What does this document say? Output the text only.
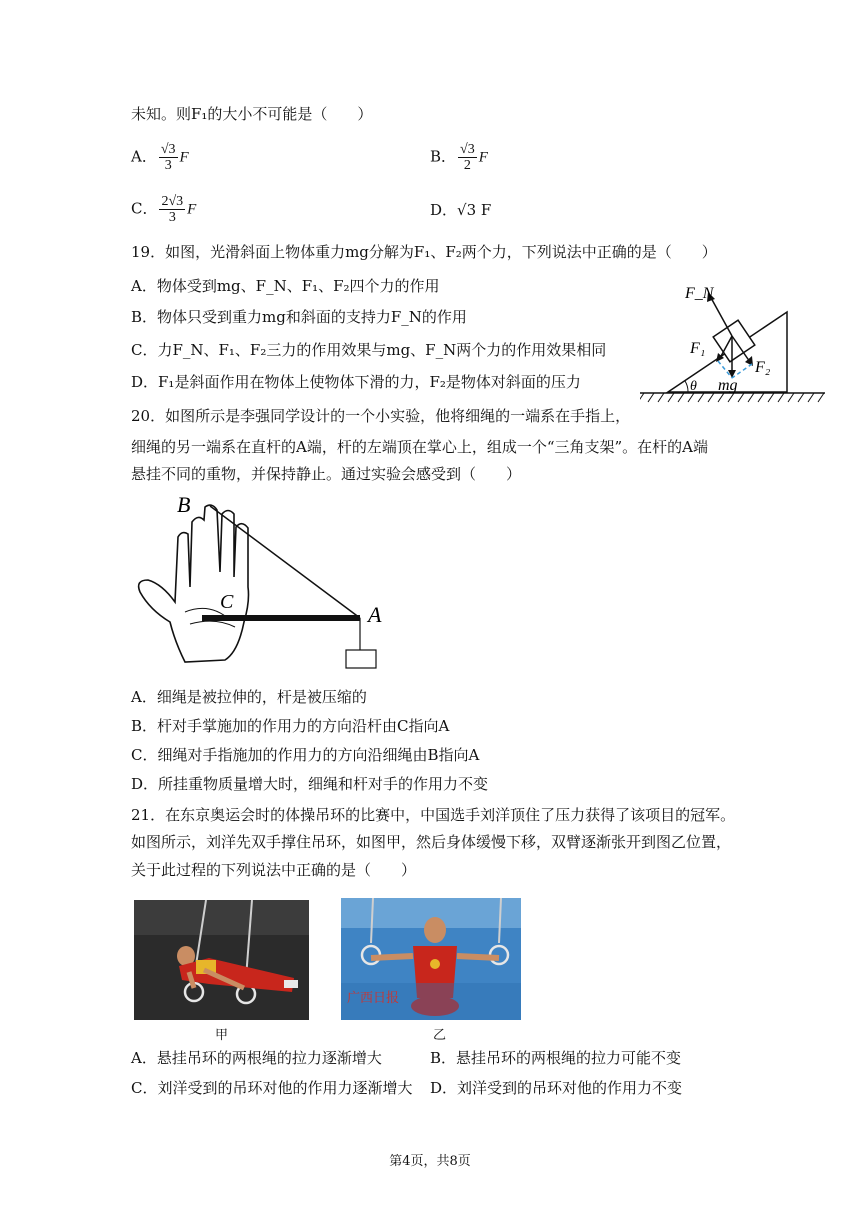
未知。则F₁的大小不可能是（　　）
A． $\frac{√3}{3}$ F	B． $\frac{√3}{2}$ F
C． $\frac{2√3}{3}$ F	D．√3 F
19．如图，光滑斜面上物体重力mg分解为F₁、F₂两个力，下列说法中正确的是（　　）
A．物体受到mg、F_N、F₁、F₂四个力的作用
B．物体只受到重力mg和斜面的支持力F_N的作用
C．力F_N、F₁、F₂三力的作用效果与mg、F_N两个力的作用效果相同
D．F₁是斜面作用在物体上使物体下滑的力，F₂是物体对斜面的压力
F_N
F₁
F₂
mg
θ
20．如图所示是李强同学设计的一个小实验，他将细绳的一端系在手指上，
细绳的另一端系在直杆的A端，杆的左端顶在掌心上，组成一个“三角支架”。在杆的A端
悬挂不同的重物，并保持静止。通过实验会感受到（　　）
B
C	A
A．细绳是被拉伸的，杆是被压缩的
B．杆对手掌施加的作用力的方向沿杆由C指向A
C．细绳对手指施加的作用力的方向沿细绳由B指向A
D．所挂重物质量增大时，细绳和杆对手的作用力不变
21．在东京奥运会时的体操吊环的比赛中，中国选手刘洋顶住了压力获得了该项目的冠军。
如图所示，刘洋先双手撑住吊环，如图甲，然后身体缓慢下移，双臂逐渐张开到图乙位置，
关于此过程的下列说法中正确的是（　　）
甲
广西日报
乙
A．悬挂吊环的两根绳的拉力逐渐增大	B．悬挂吊环的两根绳的拉力可能不变
C．刘洋受到的吊环对他的作用力逐渐增大 D．刘洋受到的吊环对他的作用力不变
第4页，共8页
